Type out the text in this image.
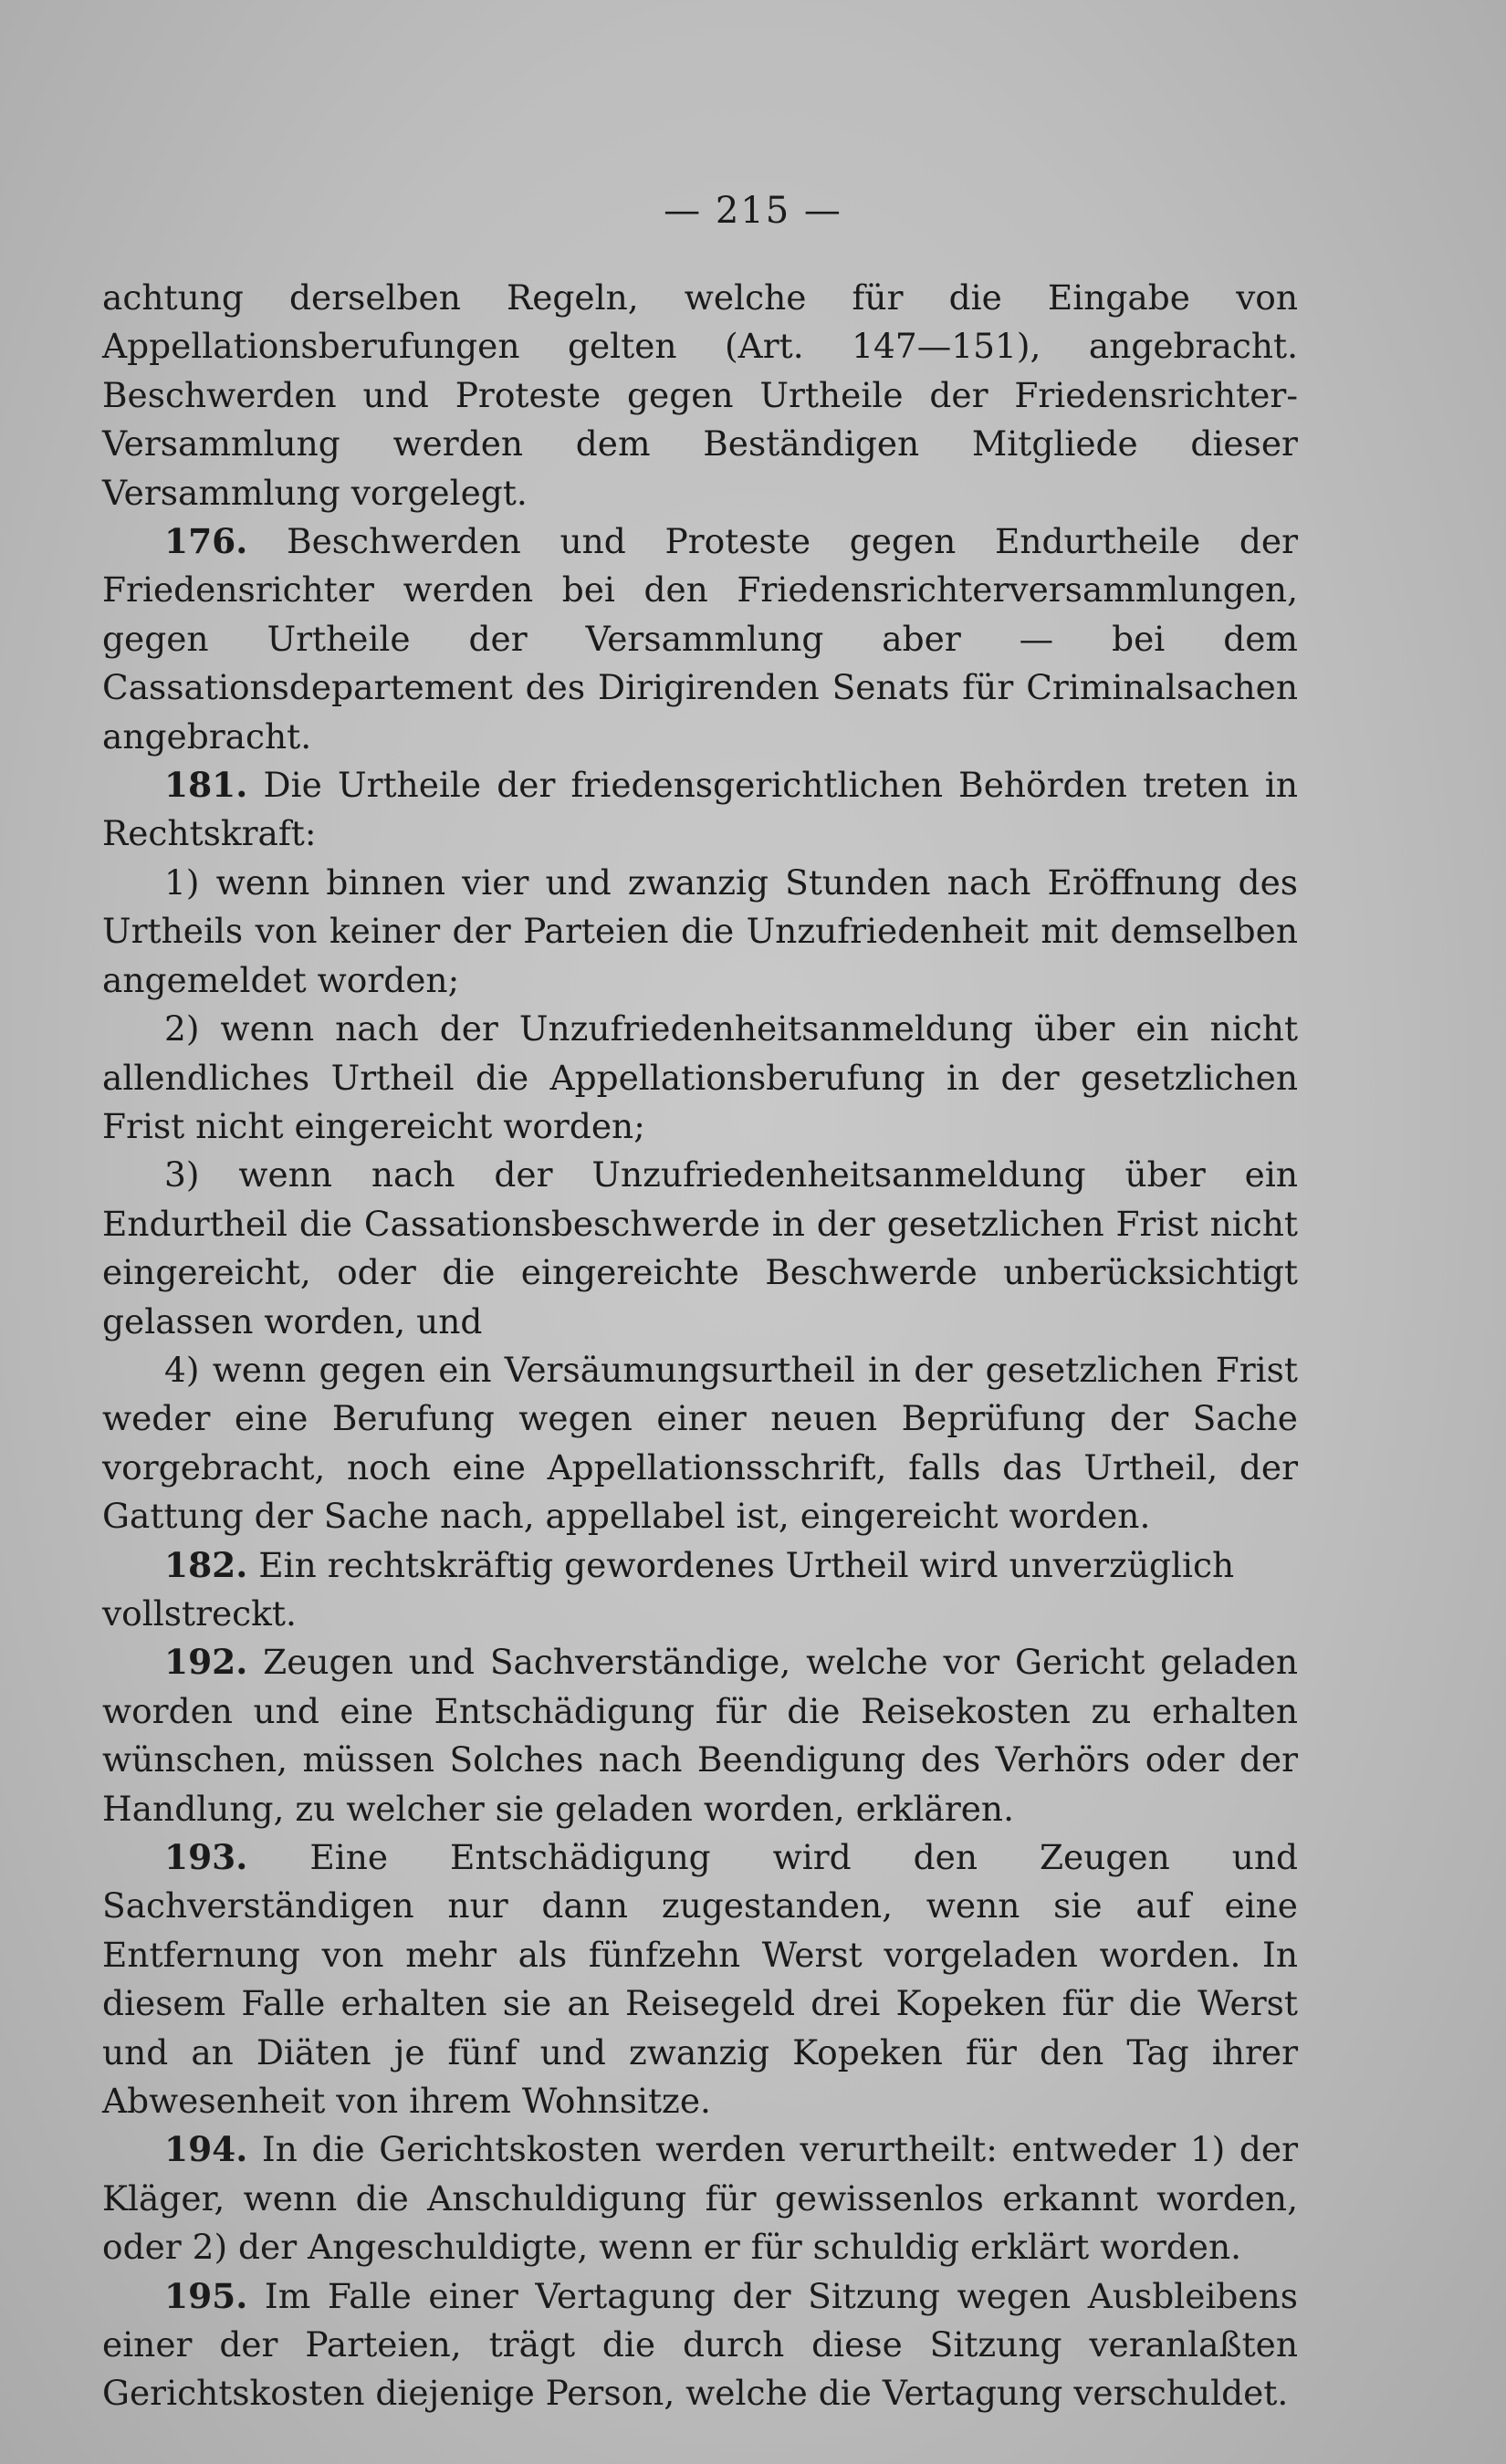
— 215 —

achtung derselben Regeln, welche für die Eingabe von Appellationsberufungen gelten (Art. 147—151), angebracht. Beschwerden und Proteste gegen Urtheile der Friedensrichter-Versammlung werden dem Beständigen Mitgliede dieser Versammlung vorgelegt.

176. Beschwerden und Proteste gegen Endurtheile der Friedensrichter werden bei den Friedensrichterversammlungen, gegen Urtheile der Versammlung aber — bei dem Cassationsdepartement des Dirigirenden Senats für Criminalsachen angebracht.

181. Die Urtheile der friedensgerichtlichen Behörden treten in Rechtskraft:

1) wenn binnen vier und zwanzig Stunden nach Eröffnung des Urtheils von keiner der Parteien die Unzufriedenheit mit demselben angemeldet worden;

2) wenn nach der Unzufriedenheitsanmeldung über ein nicht allendliches Urtheil die Appellationsberufung in der gesetzlichen Frist nicht eingereicht worden;

3) wenn nach der Unzufriedenheitsanmeldung über ein Endurtheil die Cassationsbeschwerde in der gesetzlichen Frist nicht eingereicht, oder die eingereichte Beschwerde unberücksichtigt gelassen worden, und

4) wenn gegen ein Versäumungsurtheil in der gesetzlichen Frist weder eine Berufung wegen einer neuen Beprüfung der Sache vorgebracht, noch eine Appellationsschrift, falls das Urtheil, der Gattung der Sache nach, appellabel ist, eingereicht worden.

182. Ein rechtskräftig gewordenes Urtheil wird unverzüglich vollstreckt.

192. Zeugen und Sachverständige, welche vor Gericht geladen worden und eine Entschädigung für die Reisekosten zu erhalten wünschen, müssen Solches nach Beendigung des Verhörs oder der Handlung, zu welcher sie geladen worden, erklären.

193. Eine Entschädigung wird den Zeugen und Sachverständigen nur dann zugestanden, wenn sie auf eine Entfernung von mehr als fünfzehn Werst vorgeladen worden. In diesem Falle erhalten sie an Reisegeld drei Kopeken für die Werst und an Diäten je fünf und zwanzig Kopeken für den Tag ihrer Abwesenheit von ihrem Wohnsitze.

194. In die Gerichtskosten werden verurtheilt: entweder 1) der Kläger, wenn die Anschuldigung für gewissenlos erkannt worden, oder 2) der Angeschuldigte, wenn er für schuldig erklärt worden.

195. Im Falle einer Vertagung der Sitzung wegen Ausbleibens einer der Parteien, trägt die durch diese Sitzung veranlaßten Gerichtskosten diejenige Person, welche die Vertagung verschuldet.
